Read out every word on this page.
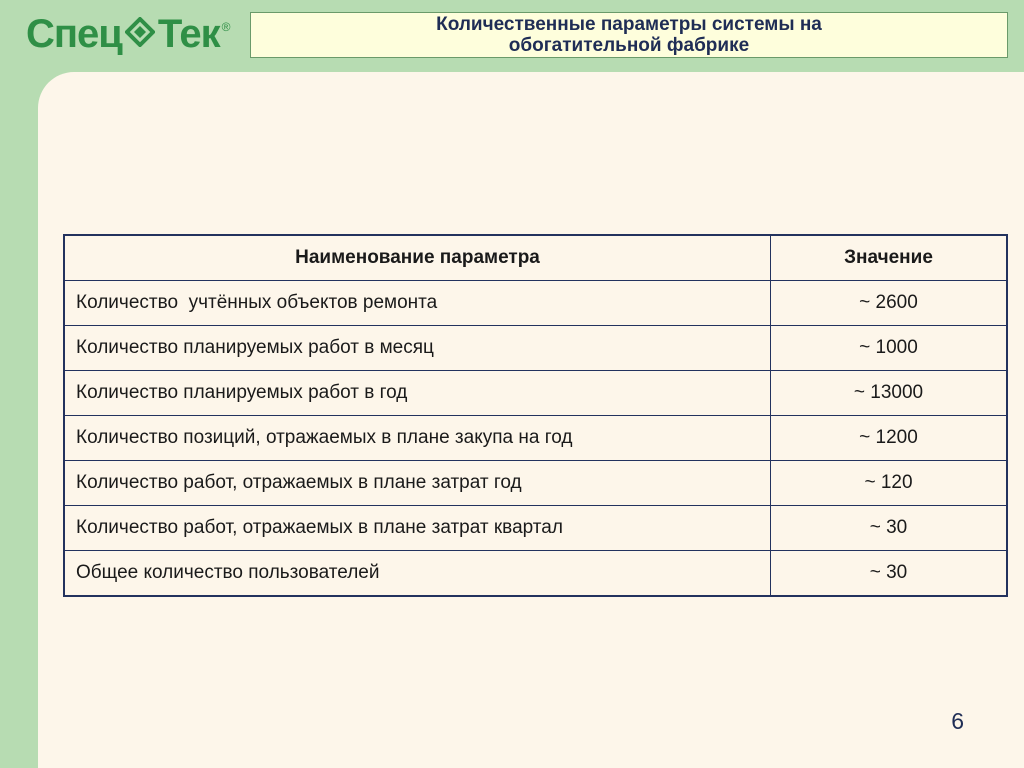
Спец Тек ®	Количественные параметры системы на
обогатительной фабрике
Наименование параметра	Значение
Количество  учтённых объектов ремонта	~ 2600
Количество планируемых работ в месяц	~ 1000
Количество планируемых работ в год	~ 13000
Количество позиций, отражаемых в плане закупа на год	~ 1200
Количество работ, отражаемых в плане затрат год	~ 120
Количество работ, отражаемых в плане затрат квартал	~ 30
Общее количество пользователей	~ 30
6
